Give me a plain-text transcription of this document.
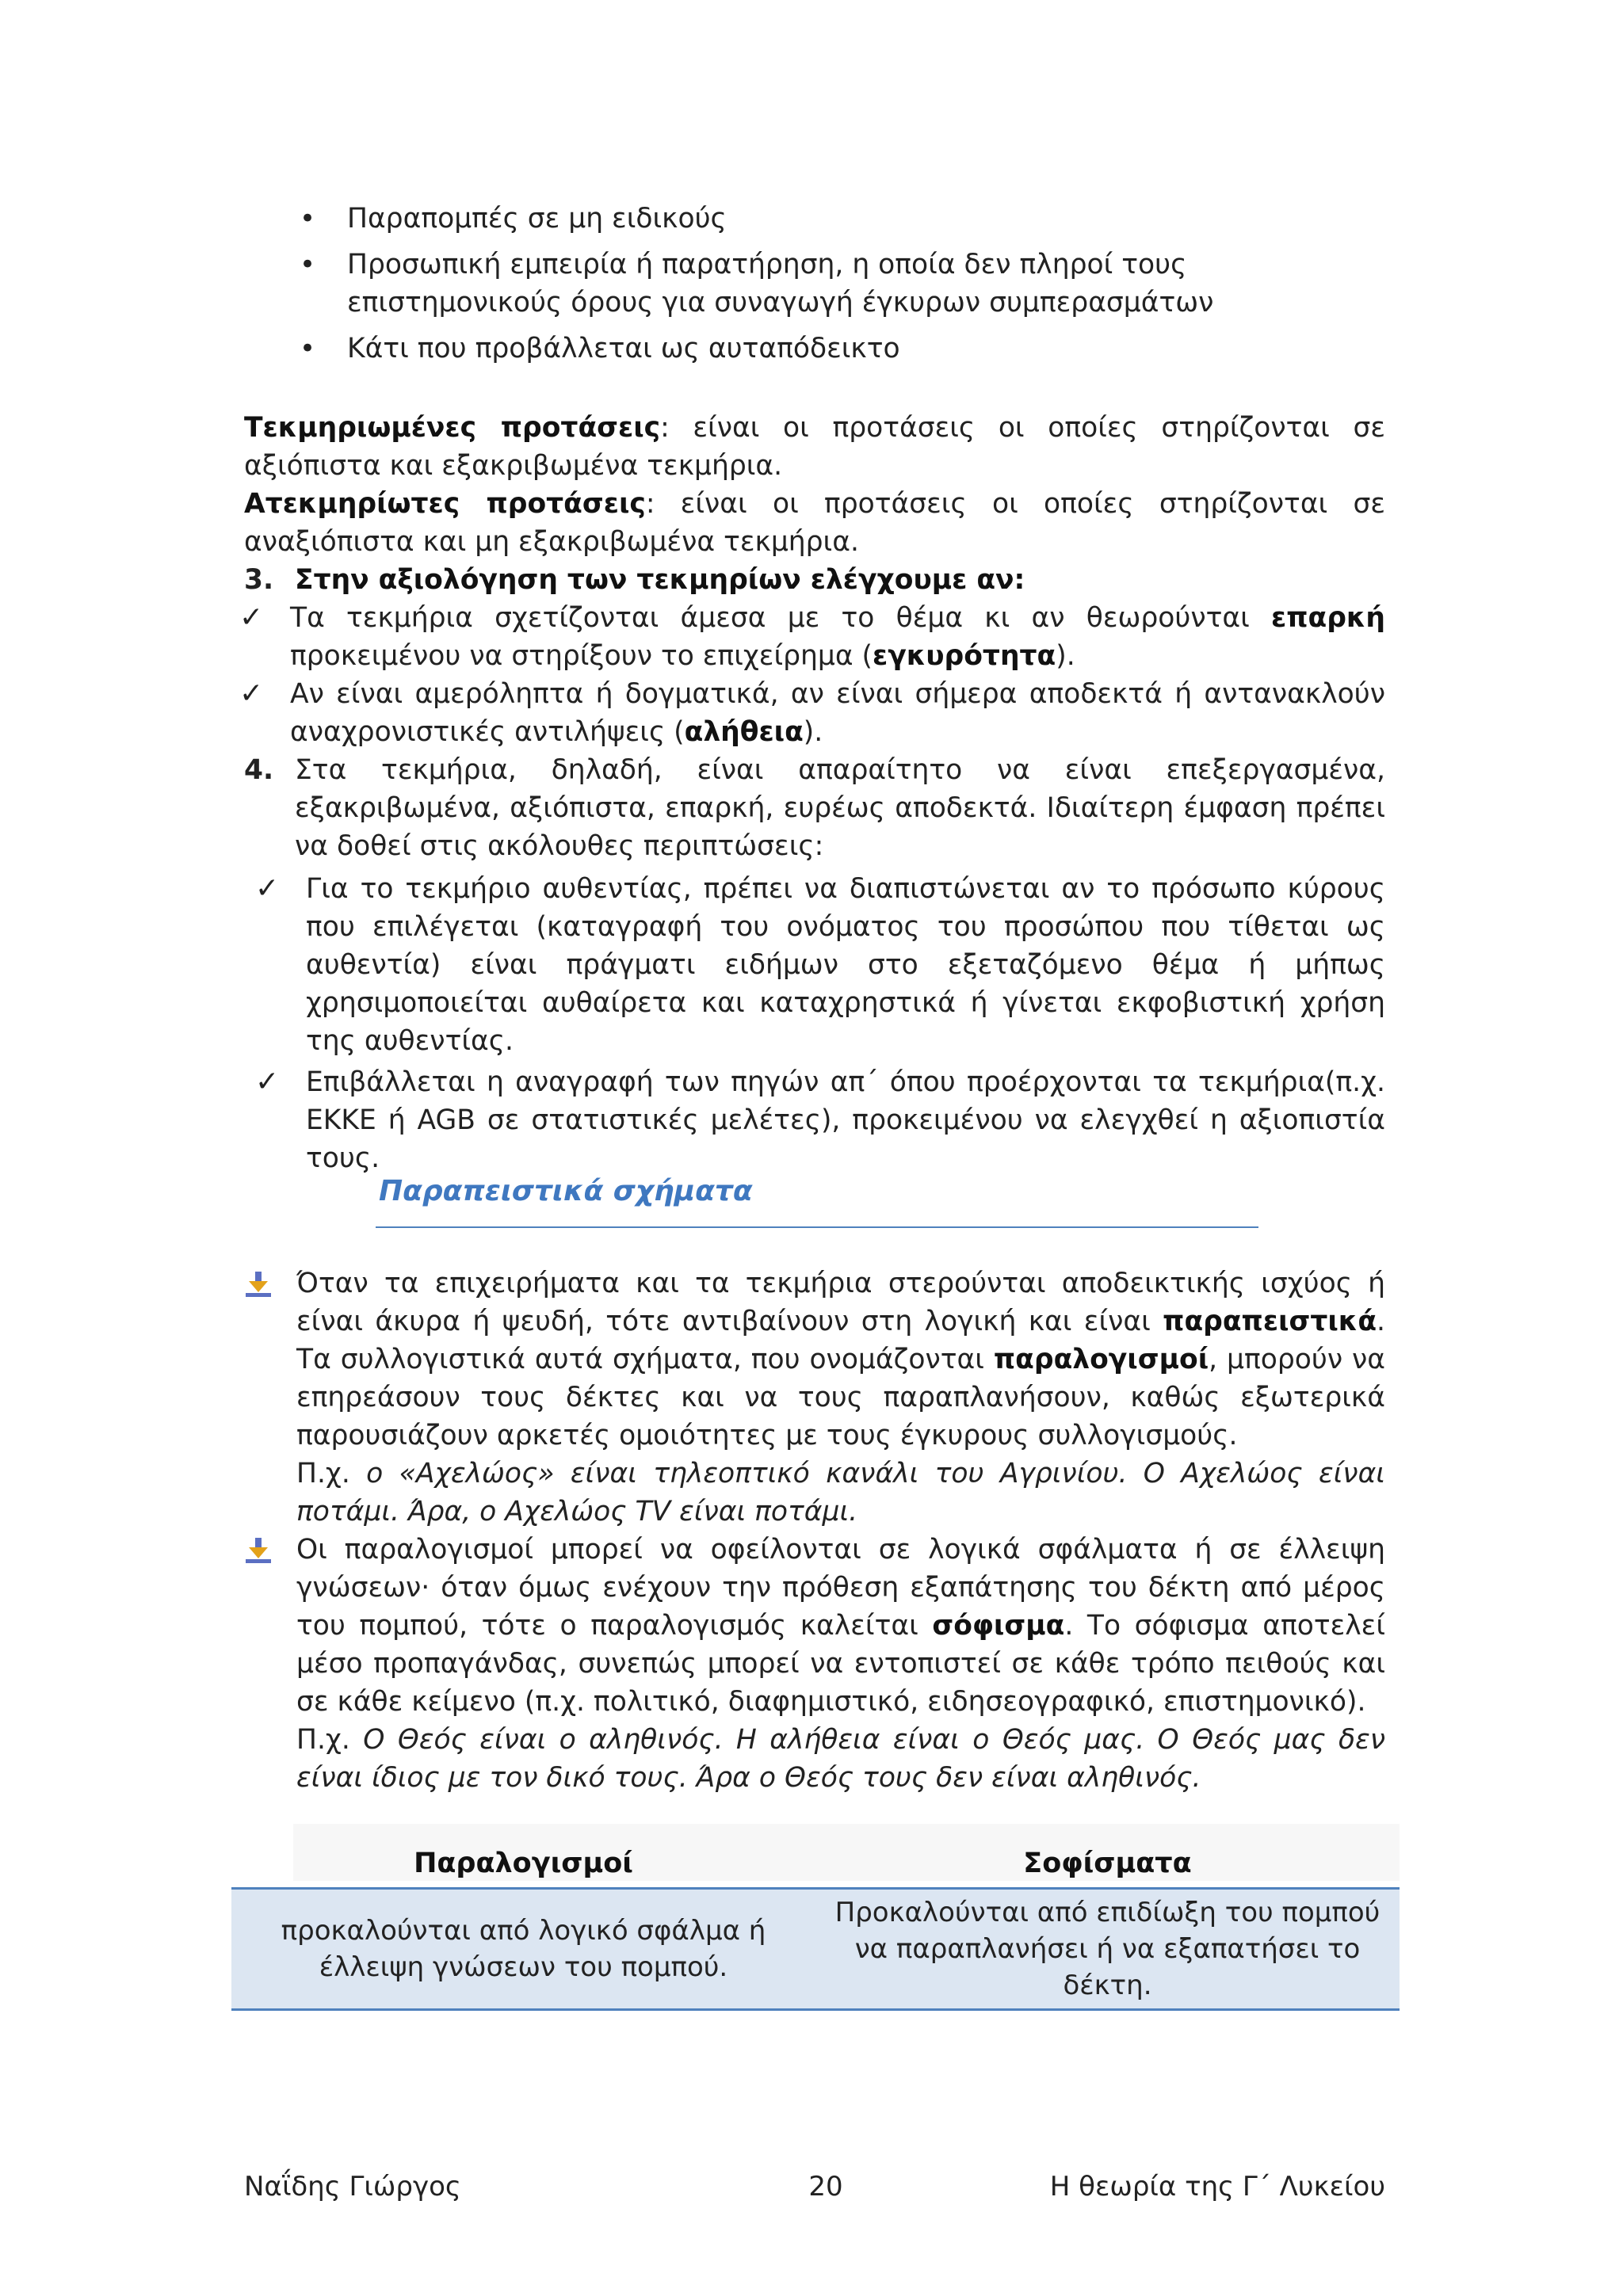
•	Παραπομπές σε μη ειδικούς
•	Προσωπική εμπειρία ή παρατήρηση, η οποία δεν πληροί τους επιστημονικούς όρους για συναγωγή έγκυρων συμπερασμάτων
•	Κάτι που προβάλλεται ως αυταπόδεικτο

Τεκμηριωμένες προτάσεις: είναι οι προτάσεις οι οποίες στηρίζονται σε αξιόπιστα και εξακριβωμένα τεκμήρια.

Ατεκμηρίωτες προτάσεις: είναι οι προτάσεις οι οποίες στηρίζονται σε αναξιόπιστα και μη εξακριβωμένα τεκμήρια.

3. Στην αξιολόγηση των τεκμηρίων ελέγχουμε αν:
✓ Τα τεκμήρια σχετίζονται άμεσα με το θέμα κι αν θεωρούνται επαρκή προκειμένου να στηρίξουν το επιχείρημα (εγκυρότητα).
✓ Αν είναι αμερόληπτα ή δογματικά, αν είναι σήμερα αποδεκτά ή αντανακλούν αναχρονιστικές αντιλήψεις (αλήθεια).
4. Στα τεκμήρια, δηλαδή, είναι απαραίτητο να είναι επεξεργασμένα, εξακριβωμένα, αξιόπιστα, επαρκή, ευρέως αποδεκτά. Ιδιαίτερη έμφαση πρέπει να δοθεί στις ακόλουθες περιπτώσεις:
✓ Για το τεκμήριο αυθεντίας, πρέπει να διαπιστώνεται αν το πρόσωπο κύρους που επιλέγεται (καταγραφή του ονόματος του προσώπου που τίθεται ως αυθεντία) είναι πράγματι ειδήμων στο εξεταζόμενο θέμα ή μήπως χρησιμοποιείται αυθαίρετα και καταχρηστικά ή γίνεται εκφοβιστική χρήση της αυθεντίας.
✓ Επιβάλλεται η αναγραφή των πηγών απ΄ όπου προέρχονται τα τεκμήρια(π.χ. ΕΚΚΕ ή AGB σε στατιστικές μελέτες), προκειμένου να ελεγχθεί η αξιοπιστία τους.
Παραπειστικά σχήματα

Όταν τα επιχειρήματα και τα τεκμήρια στερούνται αποδεικτικής ισχύος ή είναι άκυρα ή ψευδή, τότε αντιβαίνουν στη λογική και είναι παραπειστικά. Τα συλλογιστικά αυτά σχήματα, που ονομάζονται παραλογισμοί, μπορούν να επηρεάσουν τους δέκτες και να τους παραπλανήσουν, καθώς εξωτερικά παρουσιάζουν αρκετές ομοιότητες με τους έγκυρους συλλογισμούς.

Π.χ. ο «Αχελώος» είναι τηλεοπτικό κανάλι του Αγρινίου. Ο Αχελώος είναι ποτάμι. Άρα, ο Αχελώος TV είναι ποτάμι.

Οι παραλογισμοί μπορεί να οφείλονται σε λογικά σφάλματα ή σε έλλειψη γνώσεων· όταν όμως ενέχουν την πρόθεση εξαπάτησης του δέκτη από μέρος του πομπού, τότε ο παραλογισμός καλείται σόφισμα. Το σόφισμα αποτελεί μέσο προπαγάνδας, συνεπώς μπορεί να εντοπιστεί σε κάθε τρόπο πειθούς και σε κάθε κείμενο (π.χ. πολιτικό, διαφημιστικό, ειδησεογραφικό, επιστημονικό).

Π.χ. Ο Θεός είναι ο αληθινός. Η αλήθεια είναι ο Θεός μας. Ο Θεός μας δεν είναι ίδιος με τον δικό τους. Άρα ο Θεός τους δεν είναι αληθινός.

Παραλογισμοί	Σοφίσματα
προκαλούνται από λογικό σφάλμα ή έλλειψη γνώσεων του πομπού.	Προκαλούνται από επιδίωξη του πομπού να παραπλανήσει ή να εξαπατήσει το δέκτη.
Ναΐδης Γιώργος	20	Η θεωρία της Γ΄ Λυκείου
